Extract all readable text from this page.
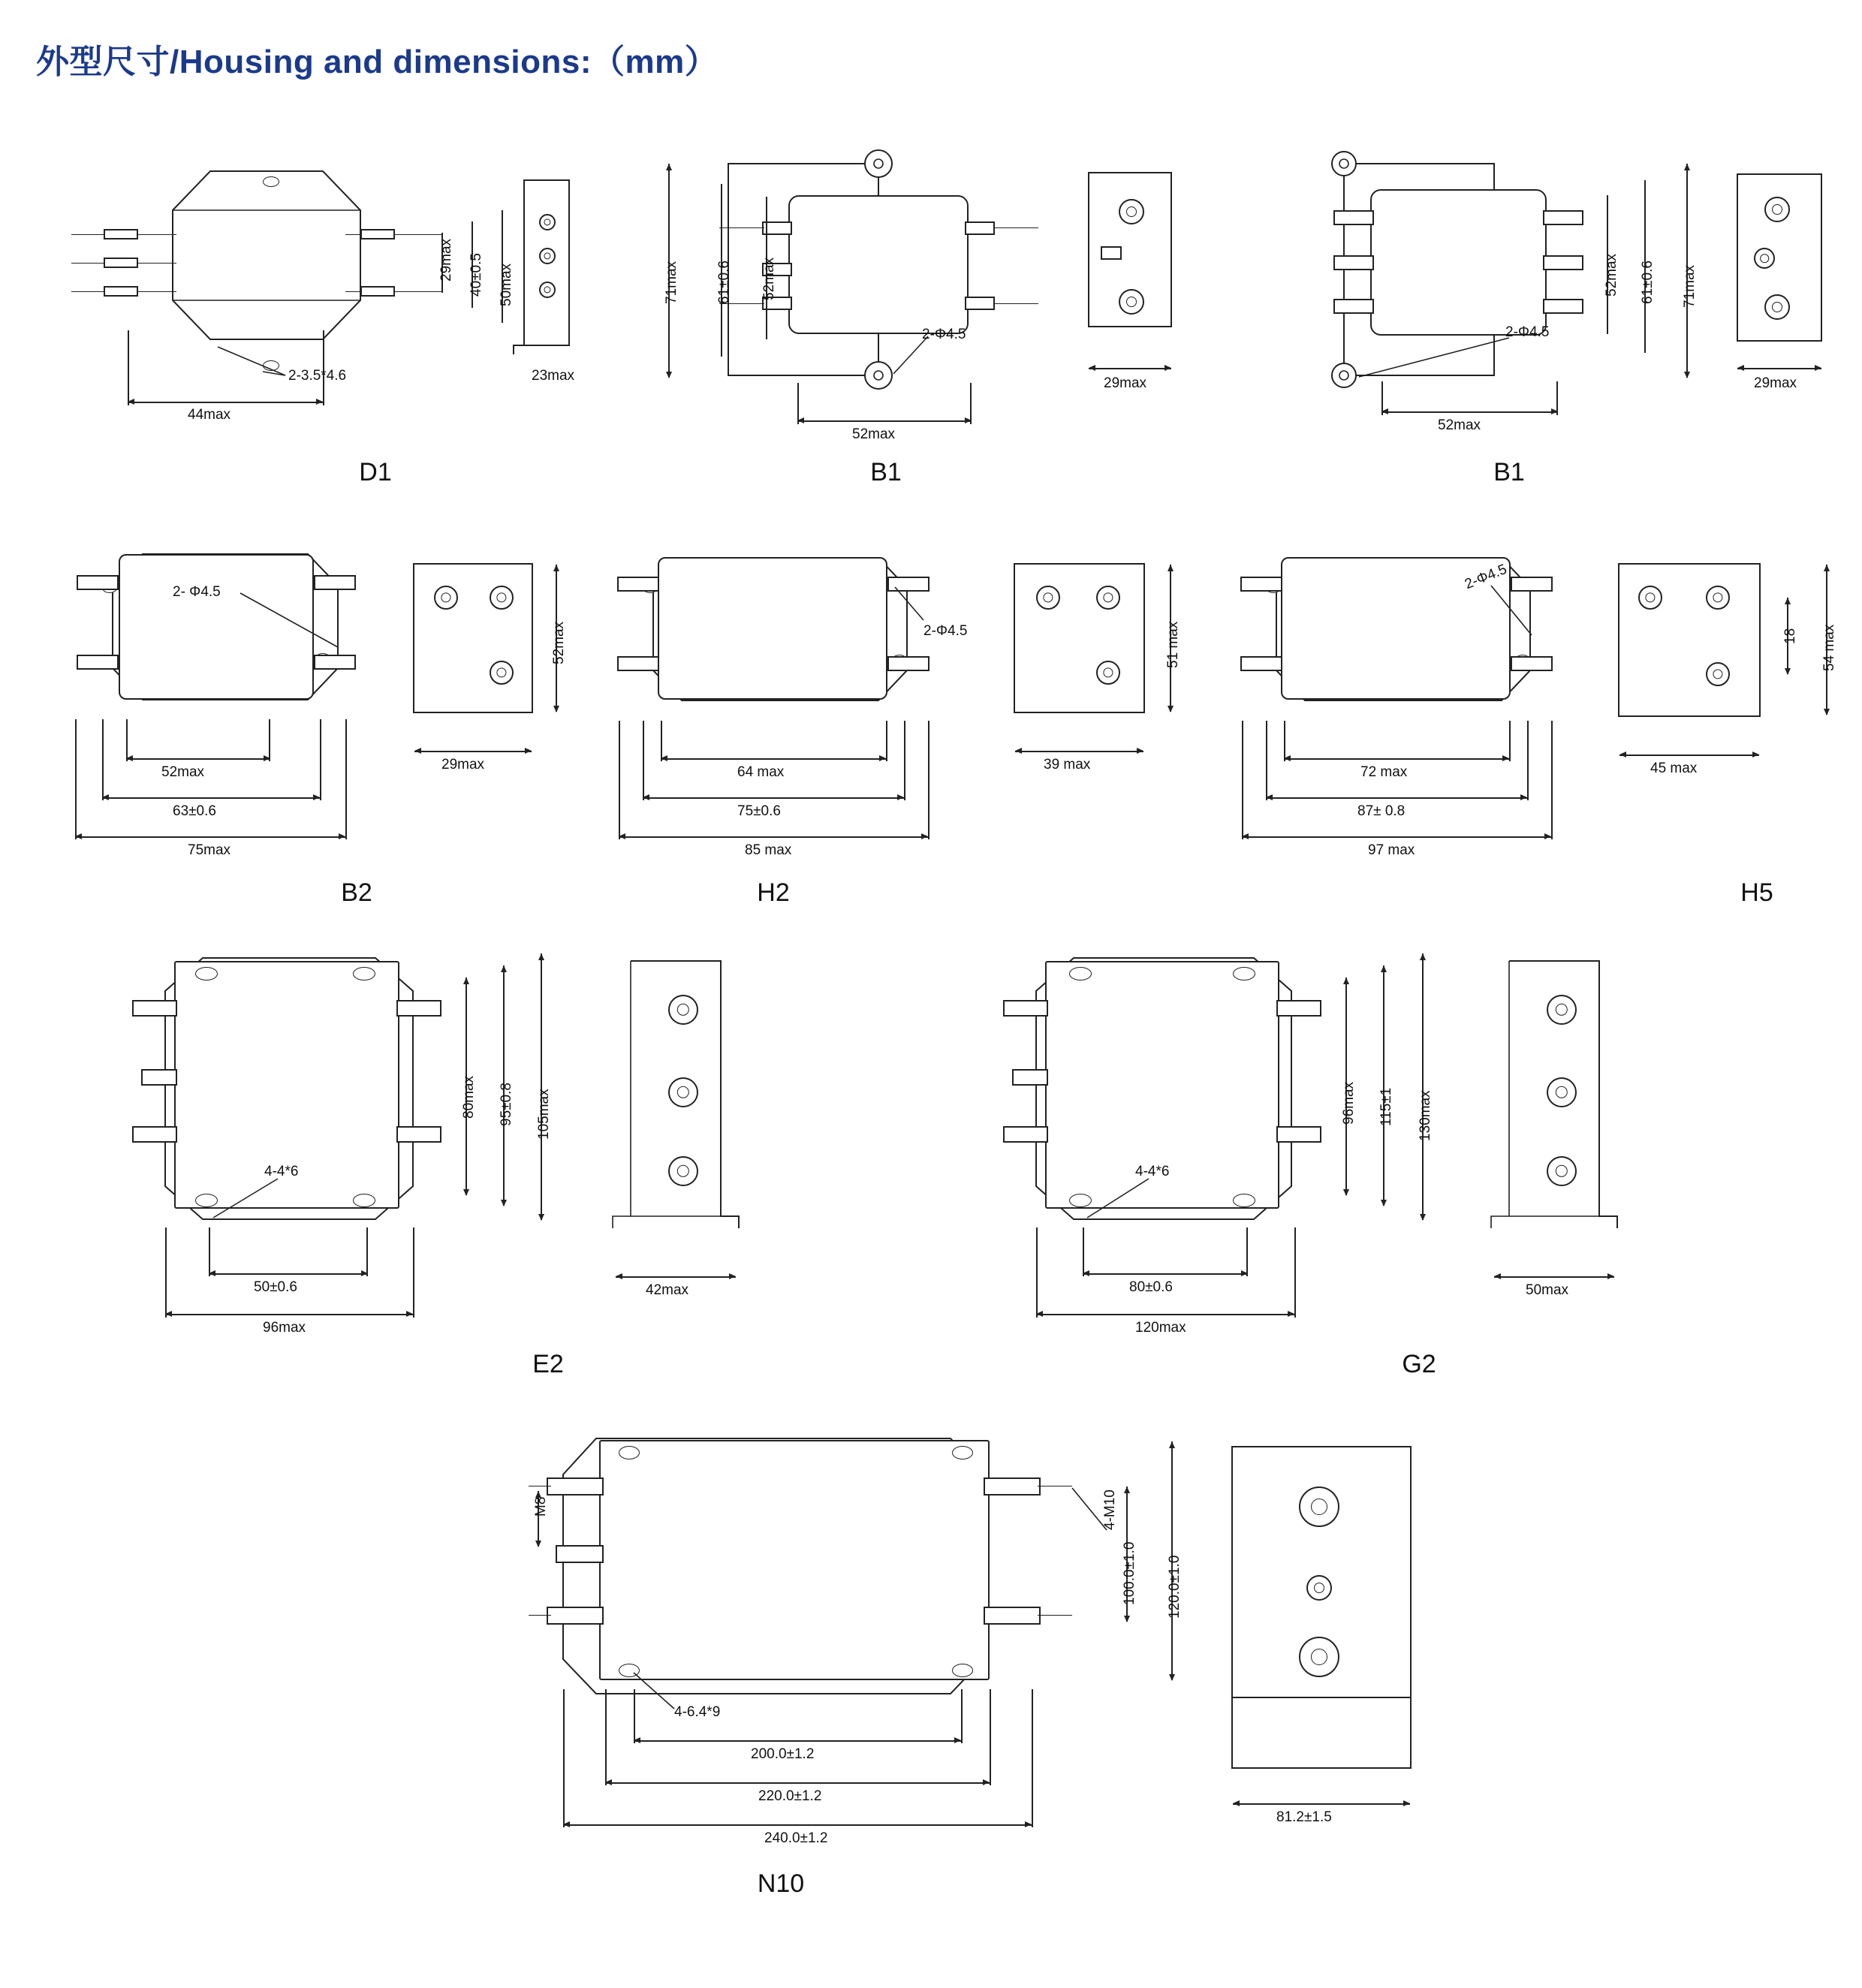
外型尺寸/Housing and dimensions:（mm）
29max 40±0.5 50max
44max
2-3.5*4.6	23max
D1
71max	61±0.6 52max
52max
2-Φ4.5
29max
B1
52max 61±0.6 71max
52max
2-Φ4.5
29max
B1
2- Φ4.5
52max
63±0.6
75max
52max
29max
B2
2-Φ4.5
64 max
75±0.6
85 max
51 max
39 max
H2
2-Φ4.5
72 max
87± 0.8
97 max
18 54 max
45 max
H5
80max 95±0.8 105max
4-4*6
50±0.6
96max
42max
E2
96max 115±1 130max
4-4*6
80±0.6
120max
50max
G2
M8	4-M10
100.0±1.0 120.0±1.0
4-6.4*9
200.0±1.2
220.0±1.2
240.0±1.2
81.2±1.5
N10
